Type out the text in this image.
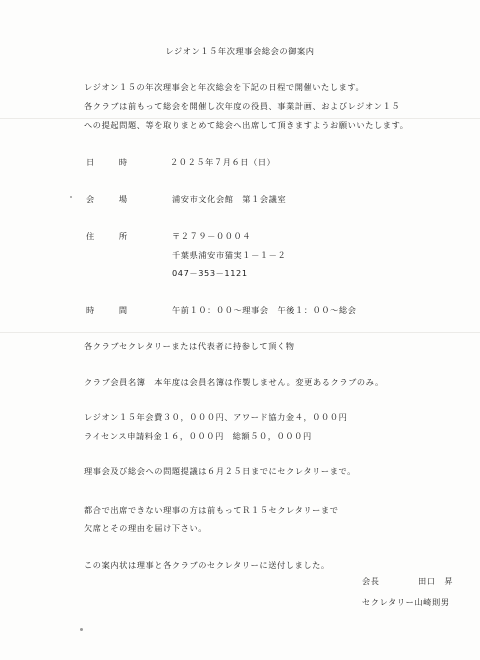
レジオン１５年次理事会総会の御案内
レジオン１５の年次理事会と年次総会を下記の日程で開催いたします。
各クラブは前もって総会を開催し次年度の役員、事業計画、およびレジオン１５
への提起問題、等を取りまとめて総会へ出席して頂きますようお願いいたします。
日	時	２０２５年７月６日（日）
会	場	浦安市文化会館　第１会議室
住	所	〒２７９－０００４
千葉県浦安市猫実１－１－２
047－353－1121
時	間	午前１０：００～理事会　午後１：００～総会
各クラブセクレタリーまたは代表者に持参して頂く物
クラブ会員名簿　本年度は会員名簿は作製しません。変更あるクラブのみ。
レジオン１５年会費３０，０００円、アワード協力金４，０００円
ライセンス申請料金１６，０００円　総額５０，０００円
理事会及び総会への問題提議は６月２５日までにセクレタリーまで。
都合で出席できない理事の方は前もってＲ１５セクレタリーまで
欠席とその理由を届け下さい。
この案内状は理事と各クラブのセクレタリーに送付しました。
会長	田口　昇
セクレタリー山崎則男
